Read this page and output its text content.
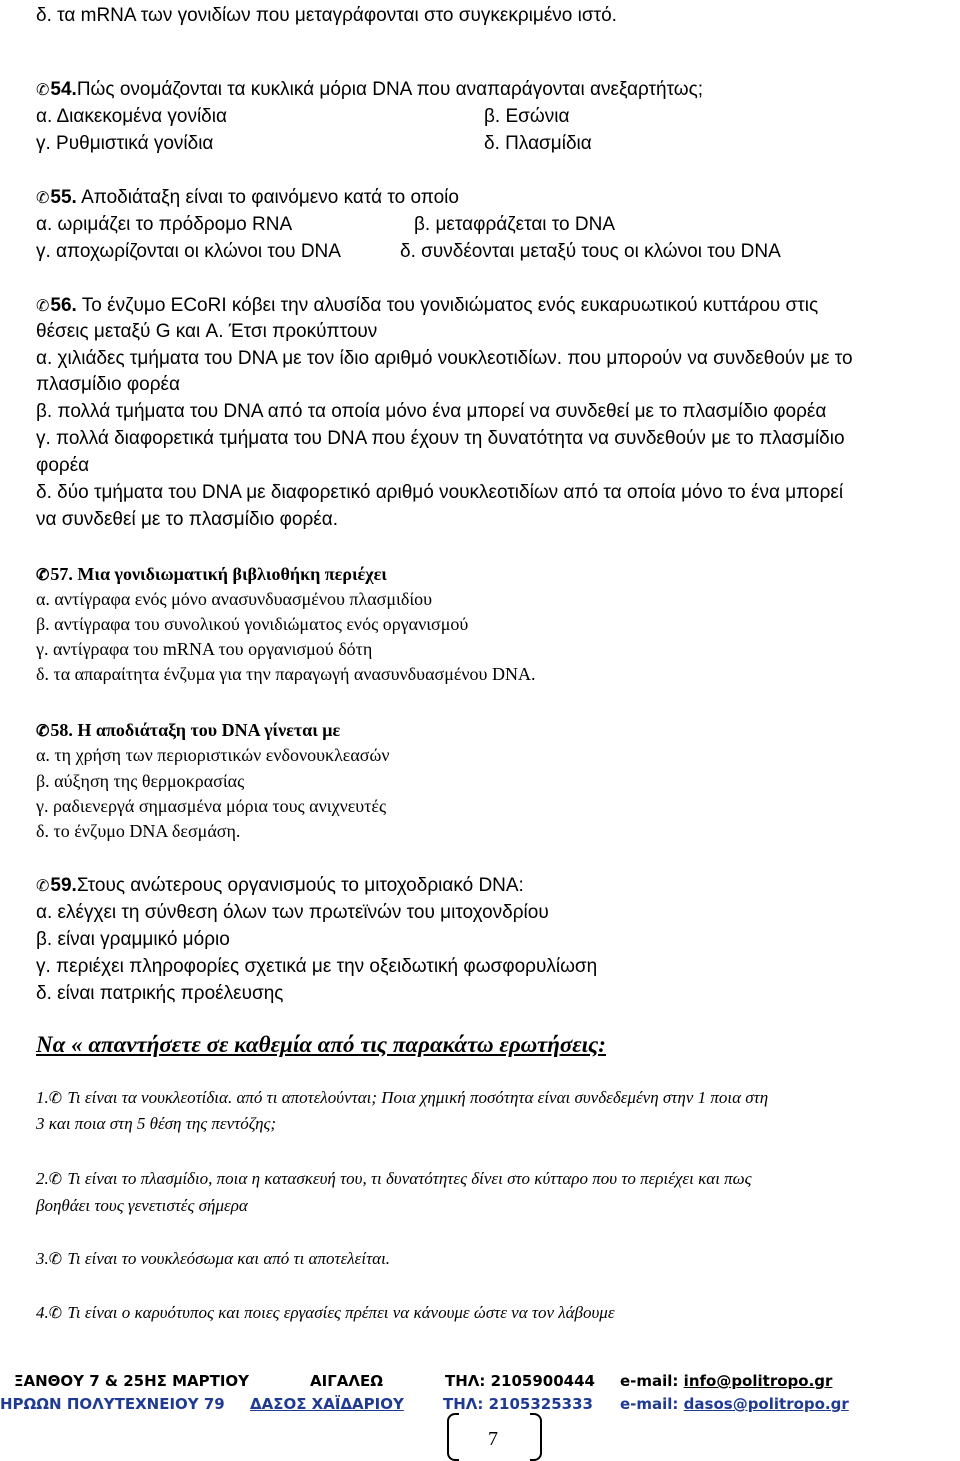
δ. τα mRNA των γονιδίων που μεταγράφονται στο συγκεκριμένο ιστό.
✆54.Πώς ονομάζονται τα κυκλικά μόρια DNA που αναπαράγονται ανεξαρτήτως;
α. Διακεκομένα γονίδια	β. Εσώνια
γ. Ρυθμιστικά γονίδια	δ. Πλασμίδια
✆55. Αποδιάταξη είναι το φαινόμενο κατά το οποίο
α. ωριμάζει το πρόδρομο RNA	β. μεταφράζεται το DNA
γ. αποχωρίζονται οι κλώνοι του DNA	δ. συνδέονται μεταξύ τους οι κλώνοι του DNA
✆56. Το ένζυμο ECoRI κόβει την αλυσίδα του γονιδιώματος ενός ευκαρυωτικού κυττάρου στις
θέσεις μεταξύ G και A. Έτσι προκύπτουν
α. χιλιάδες τμήματα του DNA με τον ίδιο αριθμό νουκλεοτιδίων. που μπορούν να συνδεθούν με το
πλασμίδιο φορέα
β. πολλά τμήματα του DNA από τα οποία μόνο ένα μπορεί να συνδεθεί με το πλασμίδιο φορέα
γ. πολλά διαφορετικά τμήματα του DNA που έχουν τη δυνατότητα να συνδεθούν με το πλασμίδιο
φορέα
δ. δύο τμήματα του DNA με διαφορετικό αριθμό νουκλεοτιδίων από τα οποία μόνο το ένα μπορεί
να συνδεθεί με το πλασμίδιο φορέα.
✆57. Μια γονιδιωματική βιβλιοθήκη περιέχει
α. αντίγραφα ενός μόνο ανασυνδυασμένου πλασμιδίου
β. αντίγραφα του συνολικού γονιδιώματος ενός οργανισμού
γ. αντίγραφα του mRNA του οργανισμού δότη
δ. τα απαραίτητα ένζυμα για την παραγωγή ανασυνδυασμένου DNA.
✆58. Η αποδιάταξη του DNA γίνεται με
α. τη χρήση των περιοριστικών ενδονουκλεασών
β. αύξηση της θερμοκρασίας
γ. ραδιενεργά σημασμένα μόρια τους ανιχνευτές
δ. το ένζυμο DNA δεσμάση.
✆59.Στους ανώτερους οργανισμούς το μιτοχοδριακό DNA:
α. ελέγχει τη σύνθεση όλων των πρωτεϊνών του μιτοχονδρίου
β. είναι γραμμικό μόριο
γ. περιέχει πληροφορίες σχετικά με την οξειδωτική φωσφορυλίωση
δ. είναι πατρικής προέλευσης
Να « απαντήσετε σε καθεμία από τις παρακάτω ερωτήσεις:
1.✆ Τι είναι τα νουκλεοτίδια. από τι αποτελούνται; Ποια χημική ποσότητα είναι συνδεδεμένη στην 1 ποια στη
3 και ποια στη 5 θέση της πεντόζης;
2.✆ Τι είναι το πλασμίδιο, ποια η κατασκευή του, τι δυνατότητες δίνει στο κύτταρο που το περιέχει και πως
βοηθάει τους γενετιστές σήμερα
3.✆ Τι είναι το νουκλεόσωμα και από τι αποτελείται.
4.✆ Τι είναι ο καρυότυπος και ποιες εργασίες πρέπει να κάνουμε ώστε να τον λάβουμε
ΞΑΝΘΟΥ 7 & 25ΗΣ ΜΑΡΤΙΟΥ	ΑΙΓΑΛΕΩ	ΤΗΛ: 2105900444 e-mail: info@politropo.gr
ΗΡΩΩΝ ΠΟΛΥΤΕΧΝΕΙΟΥ 79 ΔΑΣΟΣ ΧΑΪΔΑΡΙΟΥ	ΤΗΛ: 2105325333 e-mail: dasos@politropo.gr
7
